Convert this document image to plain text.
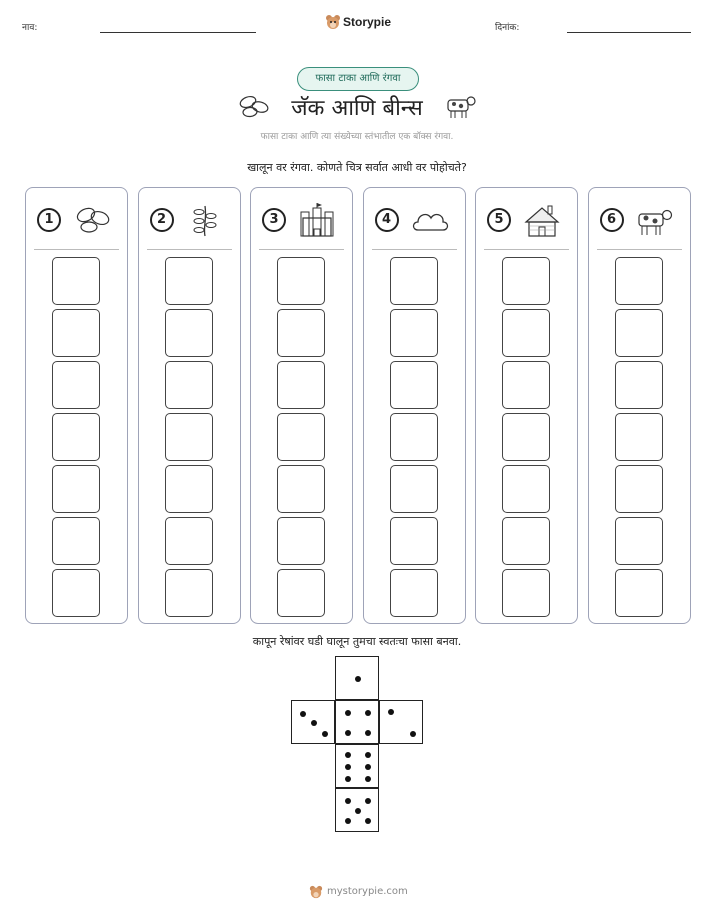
नाव:	Storypie	दिनांक:
फासा टाका आणि रंगवा
जॅक आणि बीन्स
फासा टाका आणि त्या संख्येच्या स्तंभातील एक बॉक्स रंगवा.
खालून वर रंगवा. कोणते चित्र सर्वात आधी वर पोहोचते?
1	2	3	4	5	6
कापून रेषांवर घडी घालून तुमचा स्वतःचा फासा बनवा.
mystorypie.com
